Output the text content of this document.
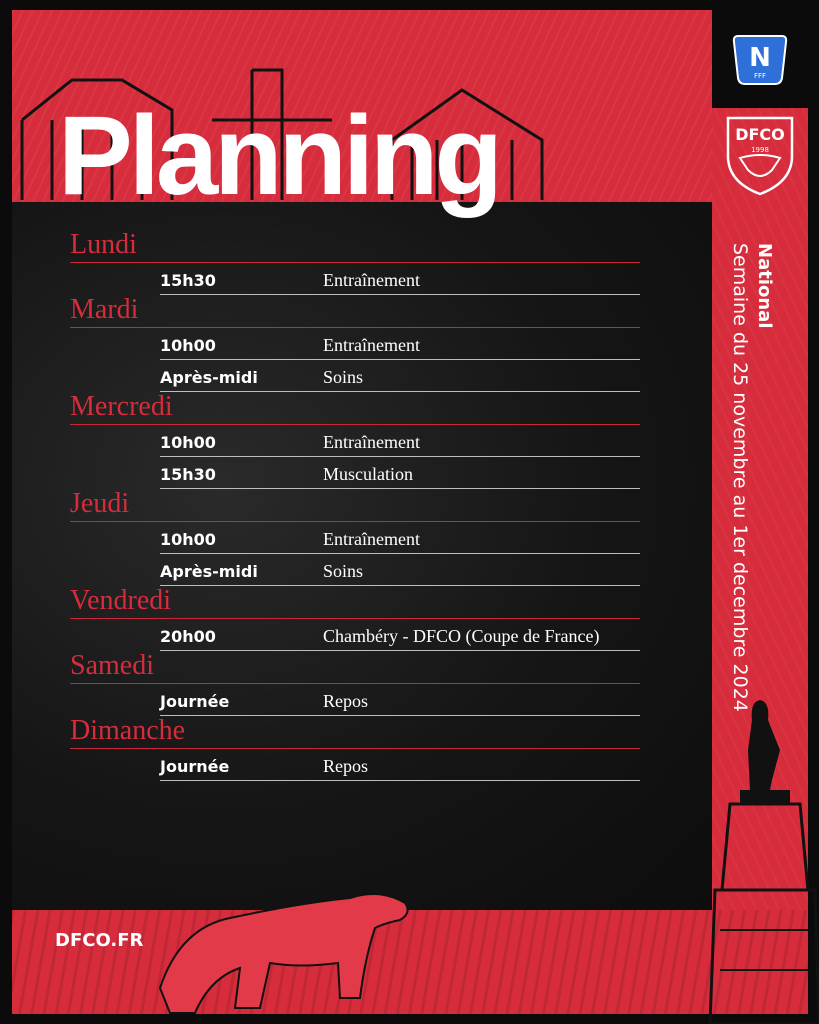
Planning
N
FFF
DFCO
1998

National

Semaine du 25 novembre au 1er decembre 2024

Lundi
15h30	Entraînement
Mardi
10h00	Entraînement
Après-midi	Soins
Mercredi
10h00	Entraînement
15h30	Musculation
Jeudi
10h00	Entraînement
Après-midi	Soins
Vendredi
20h00	Chambéry - DFCO (Coupe de France)
Samedi
Journée	Repos
Dimanche
Journée	Repos
DFCO.FR
